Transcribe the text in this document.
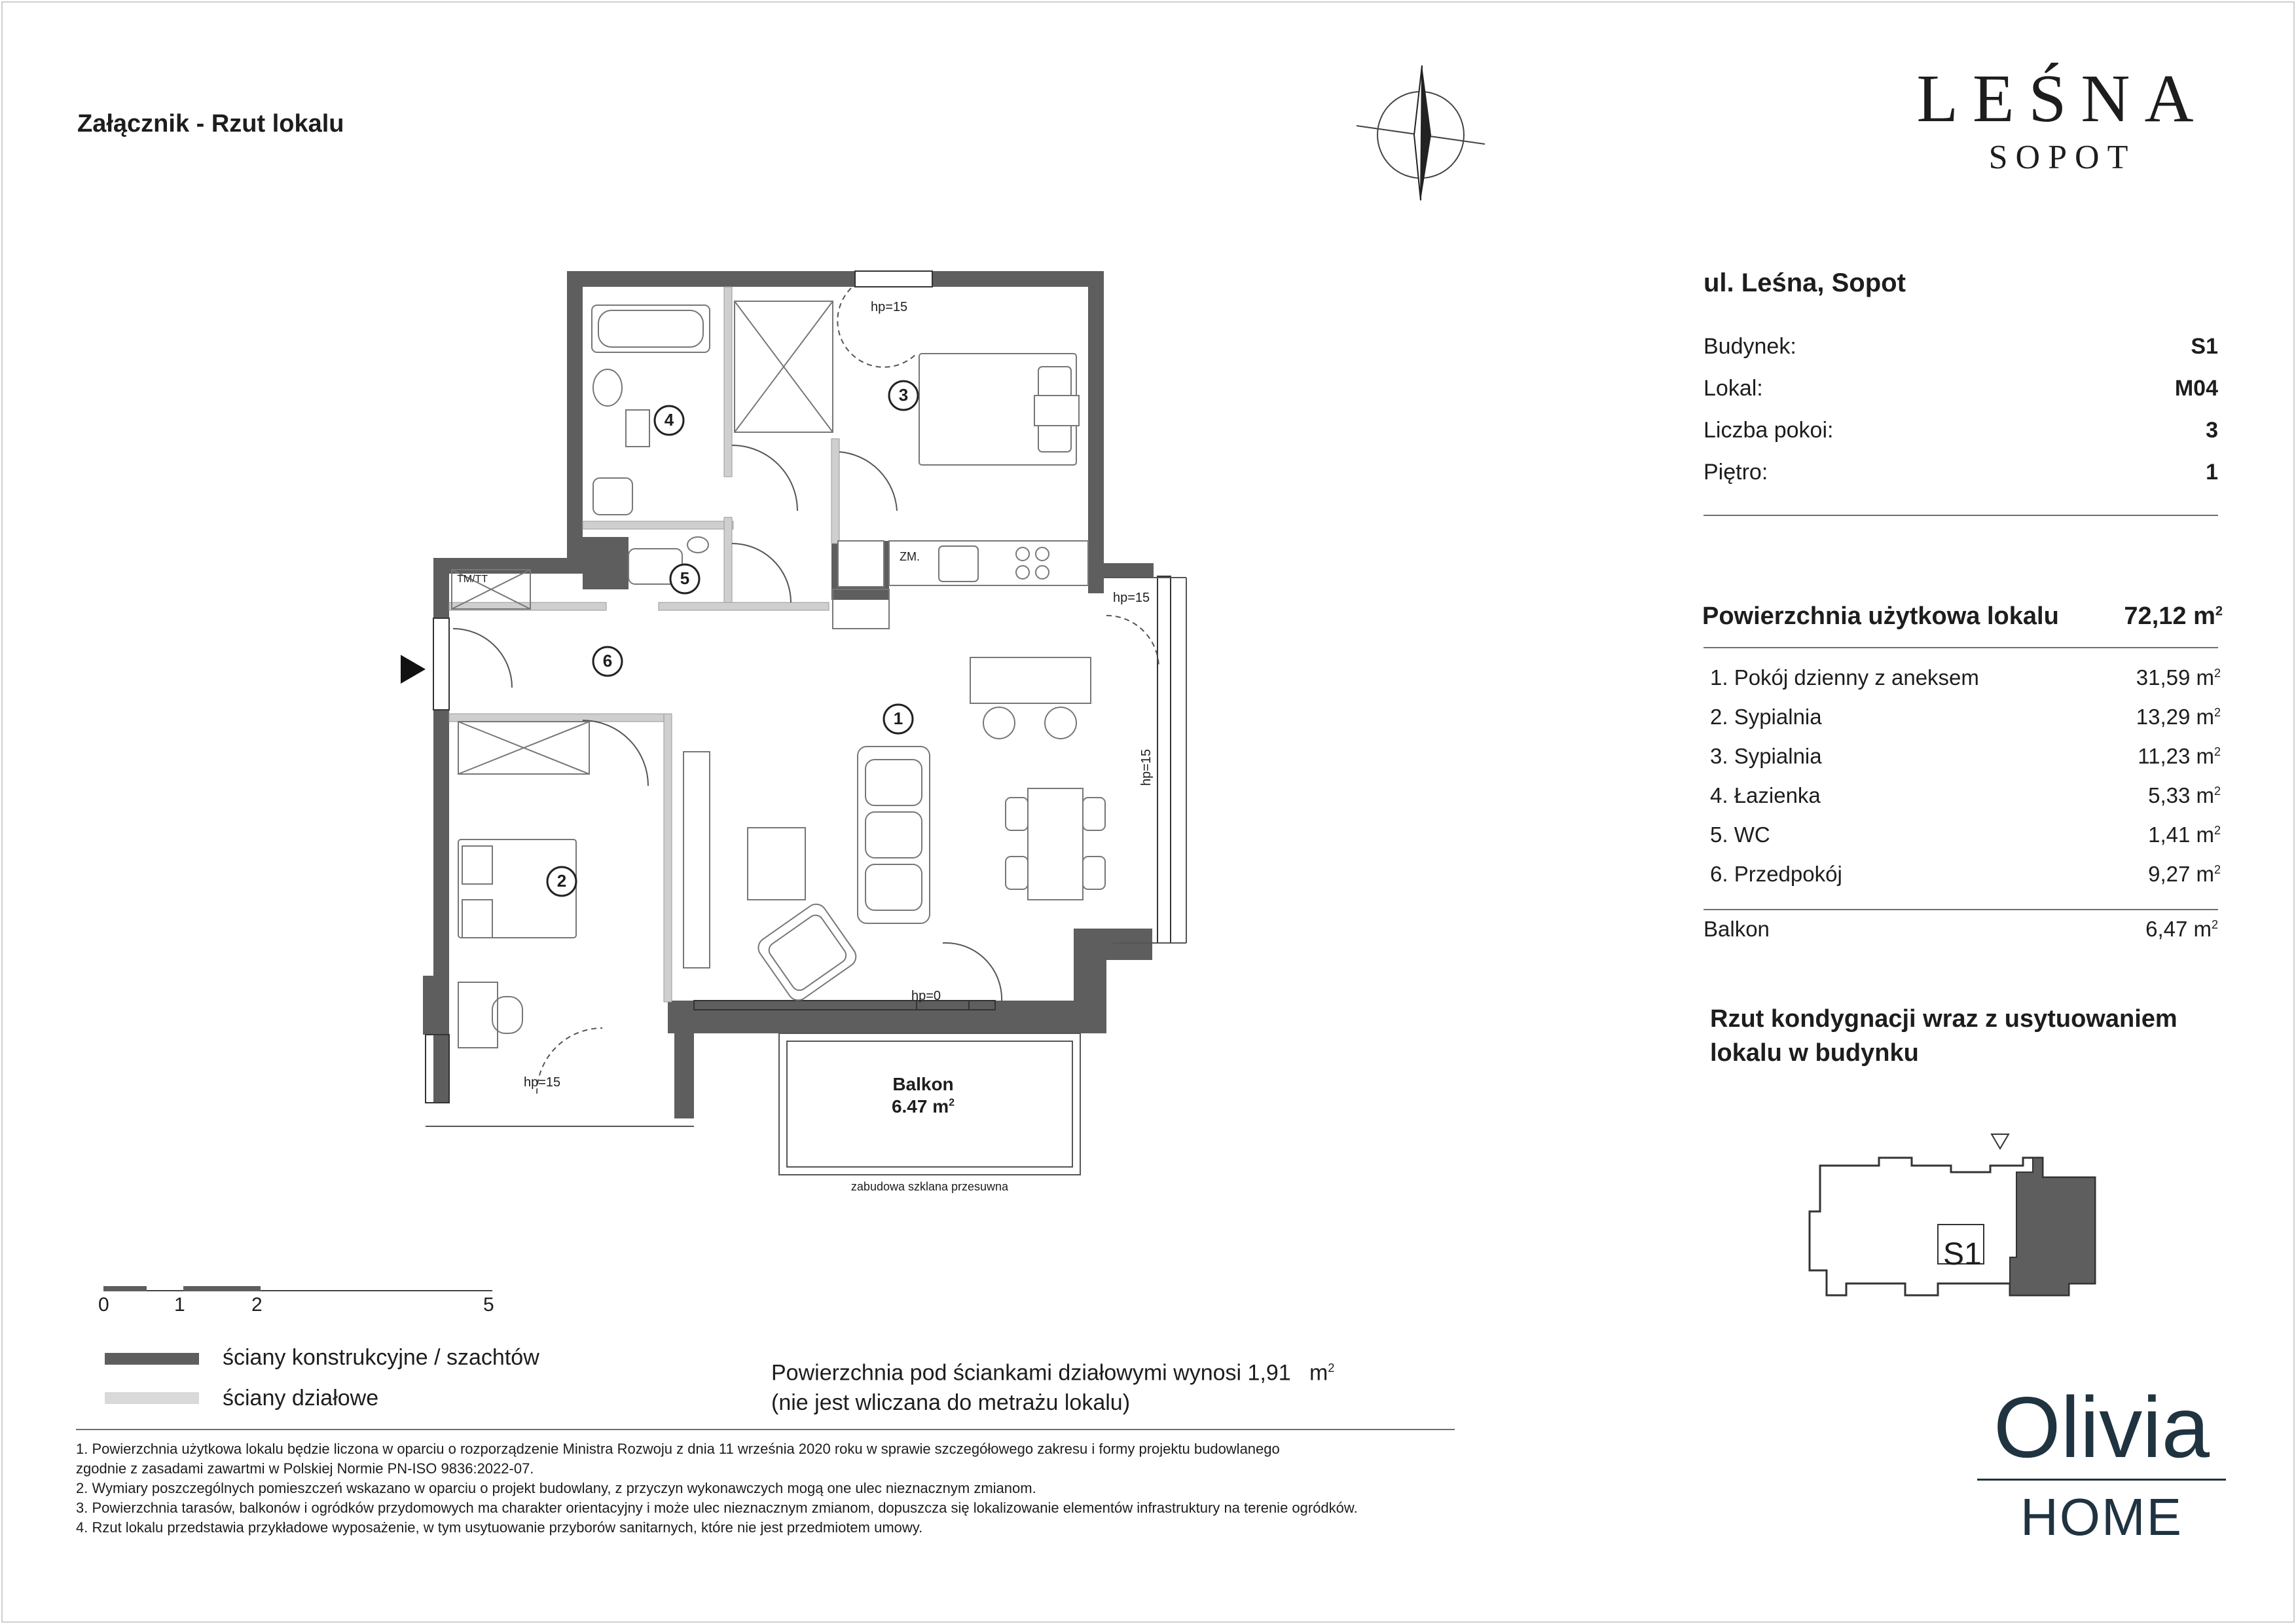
Załącznik - Rzut lokalu	LEŚNA
SOPOT
ul. Leśna, Sopot
Budynek:	S1
Lokal:	M04
Liczba pokoi:	3
Piętro:	1
Powierzchnia użytkowa lokalu	72,12 $m^2$
1. Pokój dzienny z aneksem	31,59 $m^2$
2. Sypialnia	13,29 $m^2$
3. Sypialnia	11,23 $m^2$
4. Łazienka	5,33 $m^2$
5. WC	1,41 $m^2$
6. Przedpokój	9,27 $m^2$
Balkon	6,47 $m^2$
Rzut kondygnacji wraz z usytuowaniem
lokalu w budynku
S1
1
2
3
4
5
6
hp=15
hp=15
hp=15
hp=15
hp=0
ZM.
TM/TT
Balkon
6.47 $m^2$
zabudowa szklana przesuwna
0	1	2	5
ściany konstrukcyjne / szachtów
ściany działowe
Powierzchnia pod ściankami działowymi wynosi 1,91 $m^2$
(nie jest wliczana do metrażu lokalu)
1. Powierzchnia użytkowa lokalu będzie liczona w oparciu o rozporządzenie Ministra Rozwoju z dnia 11 września 2020 roku w sprawie szczegółowego zakresu i formy projektu budowlanego
zgodnie z zasadami zawartmi w Polskiej Normie PN-ISO 9836:2022-07.
2. Wymiary poszczególnych pomieszczeń wskazano w oparciu o projekt budowlany, z przyczyn wykonawczych mogą one ulec nieznacznym zmianom.
3. Powierzchnia tarasów, balkonów i ogródków przydomowych ma charakter orientacyjny i może ulec nieznacznym zmianom, dopuszcza się lokalizowanie elementów infrastruktury na terenie ogródków.
4. Rzut lokalu przedstawia przykładowe wyposażenie, w tym usytuowanie przyborów sanitarnych, które nie jest przedmiotem umowy.
Olivia
HOME
